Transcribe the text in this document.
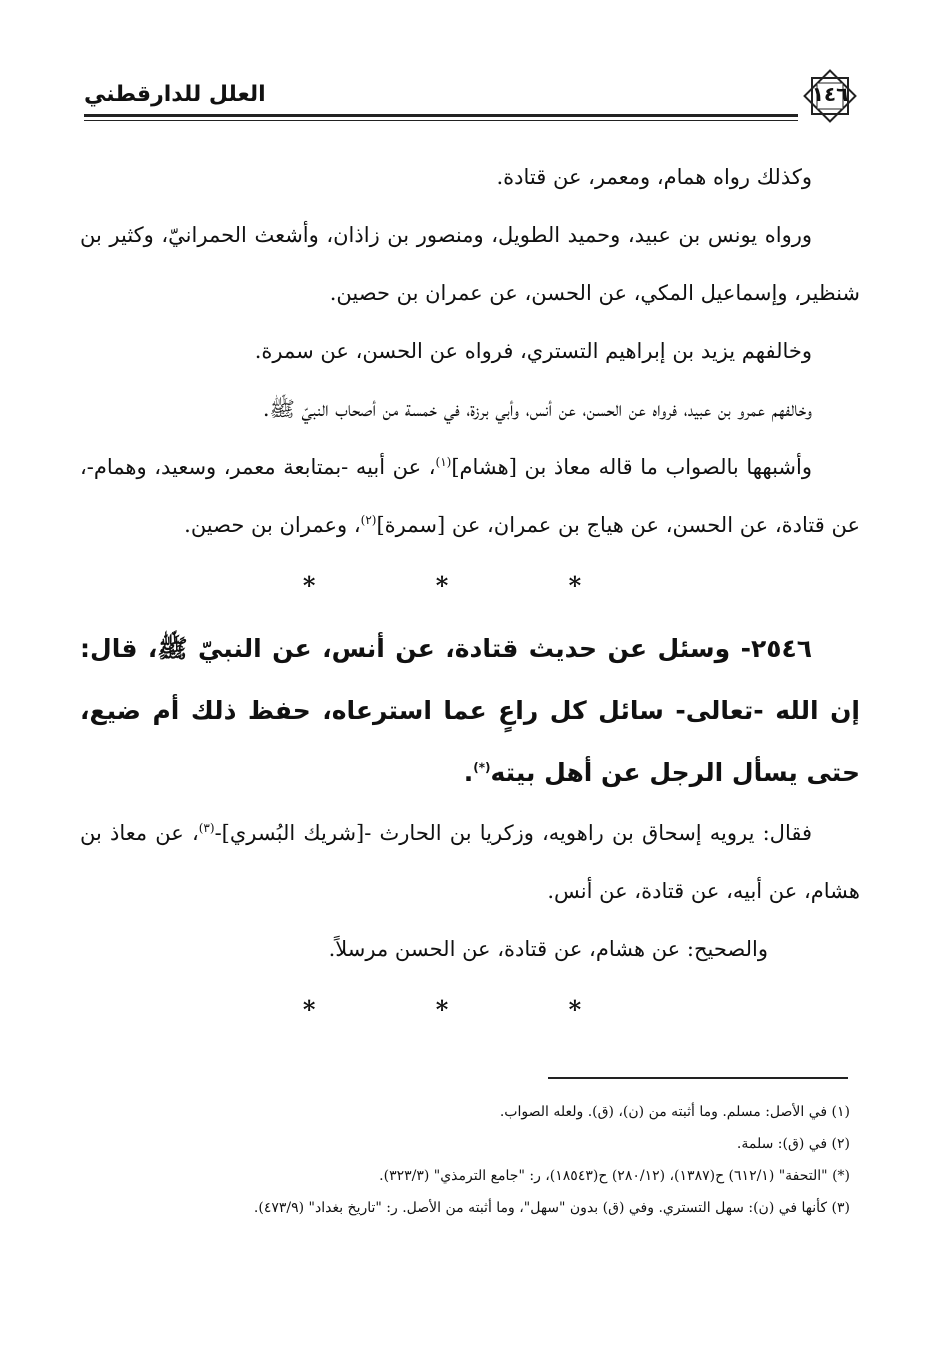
العلل للدارقطني	١٤٦

وكذلك رواه همام، ومعمر، عن قتادة.

ورواه يونس بن عبيد، وحميد الطويل، ومنصور بن زاذان، وأشعث الحمرانيّ، وكثير بن شنظير، وإسماعيل المكي، عن الحسن، عن عمران بن حصين.

وخالفهم يزيد بن إبراهيم التستري، فرواه عن الحسن، عن سمرة.

وخالفهم عمرو بن عبيد، فرواه عن الحسن، عن أنس، وأبي برزة، في خمسة من أصحاب النبيّ ﷺ.

وأشبهها بالصواب ما قاله معاذ بن [هشام]$^{(١)}$، عن أبيه -بمتابعة معمر، وسعيد، وهمام-، عن قتادة، عن الحسن، عن هياج بن عمران، عن [سمرة]$^{(٢)}$، وعمران بن حصين.

* * *

٢٥٤٦- وسئل عن حديث قتادة، عن أنس، عن النبيّ ﷺ، قال: إن الله -تعالى- سائل كل راعٍ عما استرعاه، حفظ ذلك أم ضيع، حتى يسأل الرجل عن أهل بيته(*).

فقال: يرويه إسحاق بن راهويه، وزكريا بن الحارث -[شريك البُسري]-$^{(٣)}$، عن معاذ بن هشام، عن أبيه، عن قتادة، عن أنس.

والصحيح: عن هشام، عن قتادة، عن الحسن مرسلاً.

* * *

(١) في الأصل: مسلم. وما أثبته من (ن)، (ق). ولعله الصواب.

(٢) في (ق): سلمة.

(*) "التحفة" (٦١٢/١) ح(١٣٨٧)، (٢٨٠/١٢) ح(١٨٥٤٣)، ر: "جامع الترمذي" (٣٢٣/٣).

(٣) كأنها في (ن): سهل التستري. وفي (ق) بدون "سهل"، وما أثبته من الأصل. ر: "تاريخ بغداد" (٤٧٣/٩).
